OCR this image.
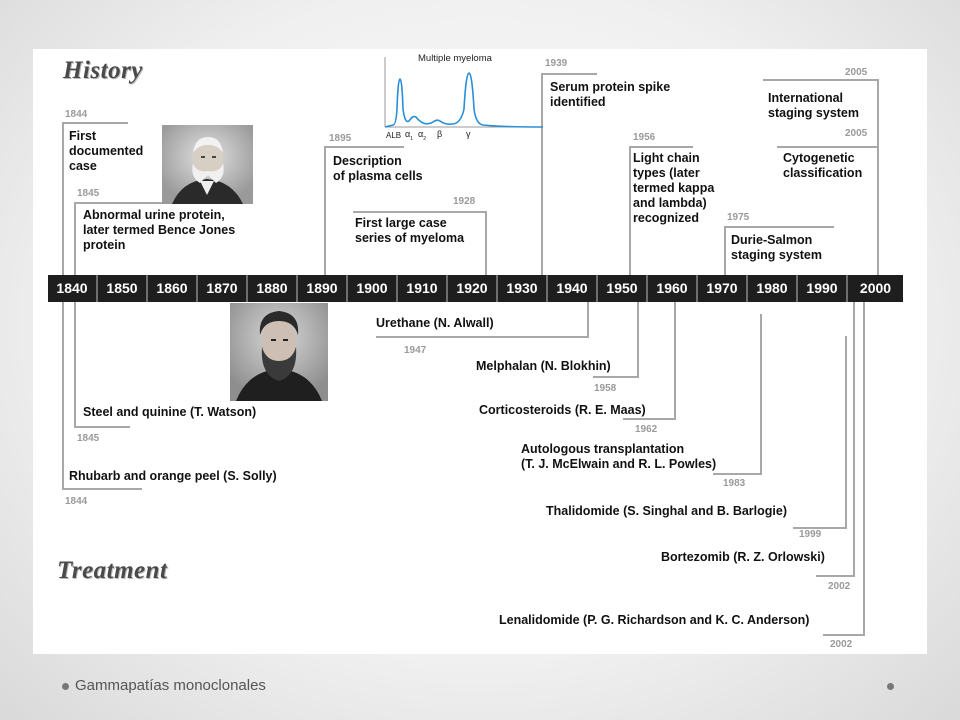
History
Treatment
1840	1850	1860	1870	1880	1890	1900	1910	1920	1930	1940	1950	1960	1970	1980	1990	2000
1844
First
documented
case
1845
Abnormal urine protein,
later termed Bence Jones
protein
1895
Description
of plasma cells
1928
First large case
series of myeloma
1939
Serum protein spike
identified
1956
Light chain
types (later
termed kappa
and lambda)
recognized	1975
Durie-Salmon
staging system
2005
International
staging system
2005
Cytogenetic
classification
Urethane (N. Alwall)
1947
Melphalan (N. Blokhin)
1958
Steel and quinine (T. Watson)
1845
Corticosteroids (R. E. Maas)
1962
Autologous transplantation
(T. J. McElwain and R. L. Powles)
1983
Rhubarb and orange peel (S. Solly)
1844
Thalidomide (S. Singhal and B. Barlogie)
1999
Bortezomib (R. Z. Orlowski)
2002
Lenalidomide (P. G. Richardson and K. C. Anderson)
2002
Multiple myeloma
ALB $\alpha_1$ $\alpha_2$ β	γ
Gammapatías monoclonales
